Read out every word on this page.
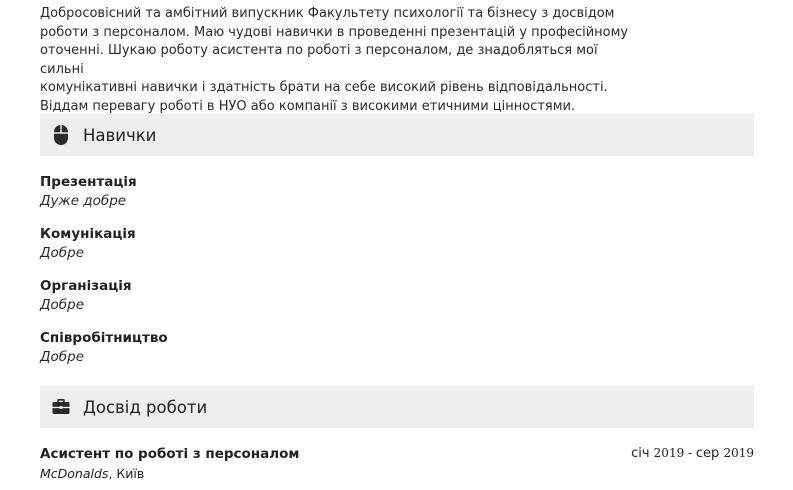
Добросовісний та амбітний випускник Факультету психології та бізнесу з досвідом

роботи з персоналом. Маю чудові навички в проведенні презентацій у професійному

оточенні. Шукаю роботу асистента по роботі з персоналом, де знадобляться мої сильні

комунікативні навички і здатність брати на себе високий рівень відповідальності.

Віддам перевагу роботі в НУО або компанії з високими етичними цінностями.

Навички
Презентація
Дуже добре
Комунікація
Добре
Організація
Добре
Співробітництво
Добре
Досвід роботи
Асистент по роботі з персоналом
McDonalds, Київ
січ 2019 - сер 2019
